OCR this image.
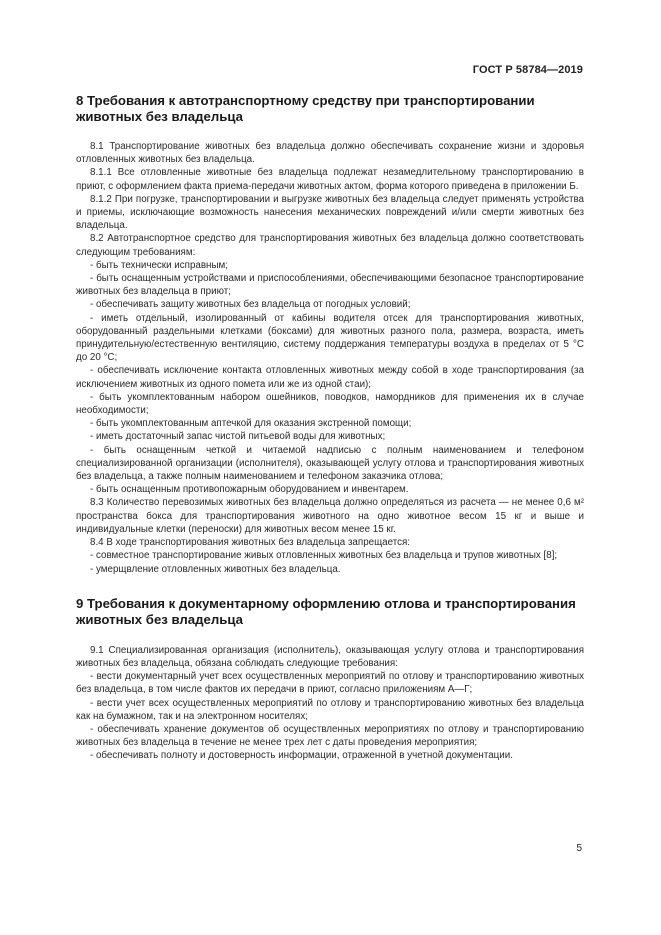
ГОСТ Р 58784—2019
8 Требования к автотранспортному средству при транспортировании животных без владельца

8.1 Транспортирование животных без владельца должно обеспечивать сохранение жизни и здоровья отловленных животных без владельца.

8.1.1 Все отловленные животные без владельца подлежат незамедлительному транспортированию в приют, с оформлением факта приема-передачи животных актом, форма которого приведена в приложении Б.

8.1.2 При погрузке, транспортировании и выгрузке животных без владельца следует применять устройства и приемы, исключающие возможность нанесения механических повреждений и/или смерти животных без владельца.

8.2 Автотранспортное средство для транспортирования животных без владельца должно соответствовать следующим требованиям:

- быть технически исправным;

- быть оснащенным устройствами и приспособлениями, обеспечивающими безопасное транспортирование животных без владельца в приют;

- обеспечивать защиту животных без владельца от погодных условий;

- иметь отдельный, изолированный от кабины водителя отсек для транспортирования животных, оборудованный раздельными клетками (боксами) для животных разного пола, размера, возраста, иметь принудительную/естественную вентиляцию, систему поддержания температуры воздуха в пределах от 5 °С до 20 °С;

- обеспечивать исключение контакта отловленных животных между собой в ходе транспортирования (за исключением животных из одного помета или же из одной стаи);

- быть укомплектованным набором ошейников, поводков, намордников для применения их в случае необходимости;

- быть укомплектованным аптечкой для оказания экстренной помощи;

- иметь достаточный запас чистой питьевой воды для животных;

- быть оснащенным четкой и читаемой надписью с полным наименованием и телефоном специализированной организации (исполнителя), оказывающей услугу отлова и транспортирования животных без владельца, а также полным наименованием и телефоном заказчика отлова;

- быть оснащенным противопожарным оборудованием и инвентарем.

8.3 Количество перевозимых животных без владельца должно определяться из расчета — не менее 0,6 м² пространства бокса для транспортирования животного на одно животное весом 15 кг и выше и индивидуальные клетки (переноски) для животных весом менее 15 кг.

8.4 В ходе транспортирования животных без владельца запрещается:

- совместное транспортирование живых отловленных животных без владельца и трупов животных [8];

- умерщвление отловленных животных без владельца.

9 Требования к документарному оформлению отлова и транспортирования животных без владельца

9.1 Специализированная организация (исполнитель), оказывающая услугу отлова и транспортирования животных без владельца, обязана соблюдать следующие требования:

- вести документарный учет всех осуществленных мероприятий по отлову и транспортированию животных без владельца, в том числе фактов их передачи в приют, согласно приложениям А—Г;

- вести учет всех осуществленных мероприятий по отлову и транспортированию животных без владельца как на бумажном, так и на электронном носителях;

- обеспечивать хранение документов об осуществленных мероприятиях по отлову и транспортированию животных без владельца в течение не менее трех лет с даты проведения мероприятия;

- обеспечивать полноту и достоверность информации, отраженной в учетной документации.

5
